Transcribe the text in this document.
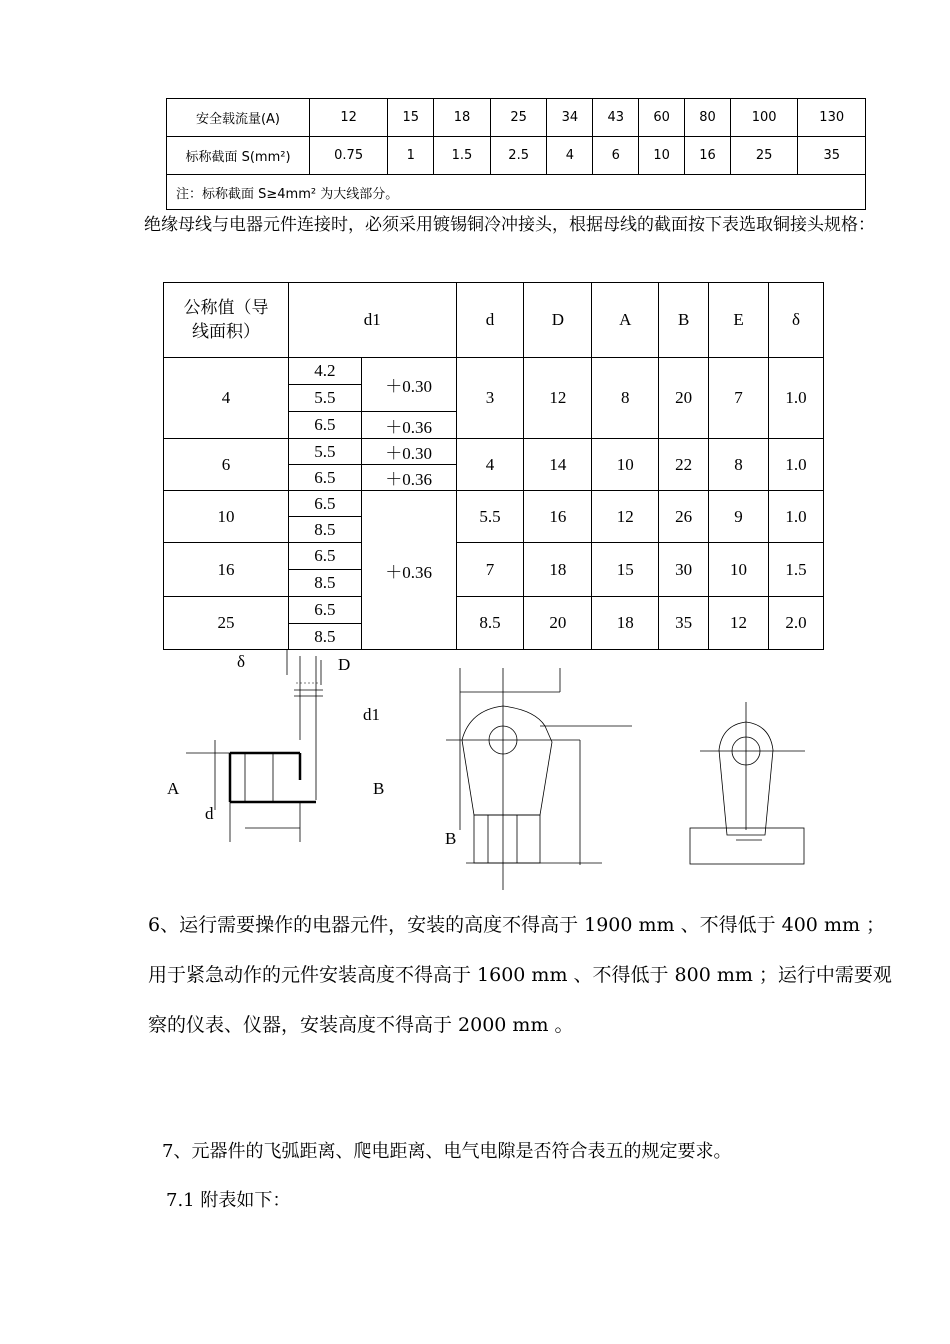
安全载流量(A)	12	15	18	25	34	43	60	80	100	130
标称截面 S(mm²)	0.75	1	1.5	2.5	4	6	10	16	25	35
注：标称截面 S≥4mm² 为大线部分。										
绝缘母线与电器元件连接时，必须采用镀锡铜冷冲接头，根据母线的截面按下表选取铜接头规格：
公称值（导线面积）	d1		d	D	A	B	E	δ
4	4.2	＋0.30	3	12	8	20	7	1.0
	5.5							
	6.5	＋0.36						
6	5.5	＋0.30	4	14	10	22	8	1.0
	6.5	＋0.36						
10	6.5	＋0.36	5.5	16	12	26	9	1.0
	8.5							
16	6.5		7	18	15	30	10	1.5
	8.5							
25	6.5		8.5	20	18	35	12	2.0
	8.5							
δ	D
d1
A	B
d
B
6、运行需要操作的电器元件，安装的高度不得高于 1900 mm 、不得低于 400 mm ；用于紧急动作的元件安装高度不得高于 1600 mm 、不得低于 800 mm ；运行中需要观察的仪表、仪器，安装高度不得高于 2000 mm 。
7、元器件的飞弧距离、爬电距离、电气电隙是否符合表五的规定要求。
7.1 附表如下：
